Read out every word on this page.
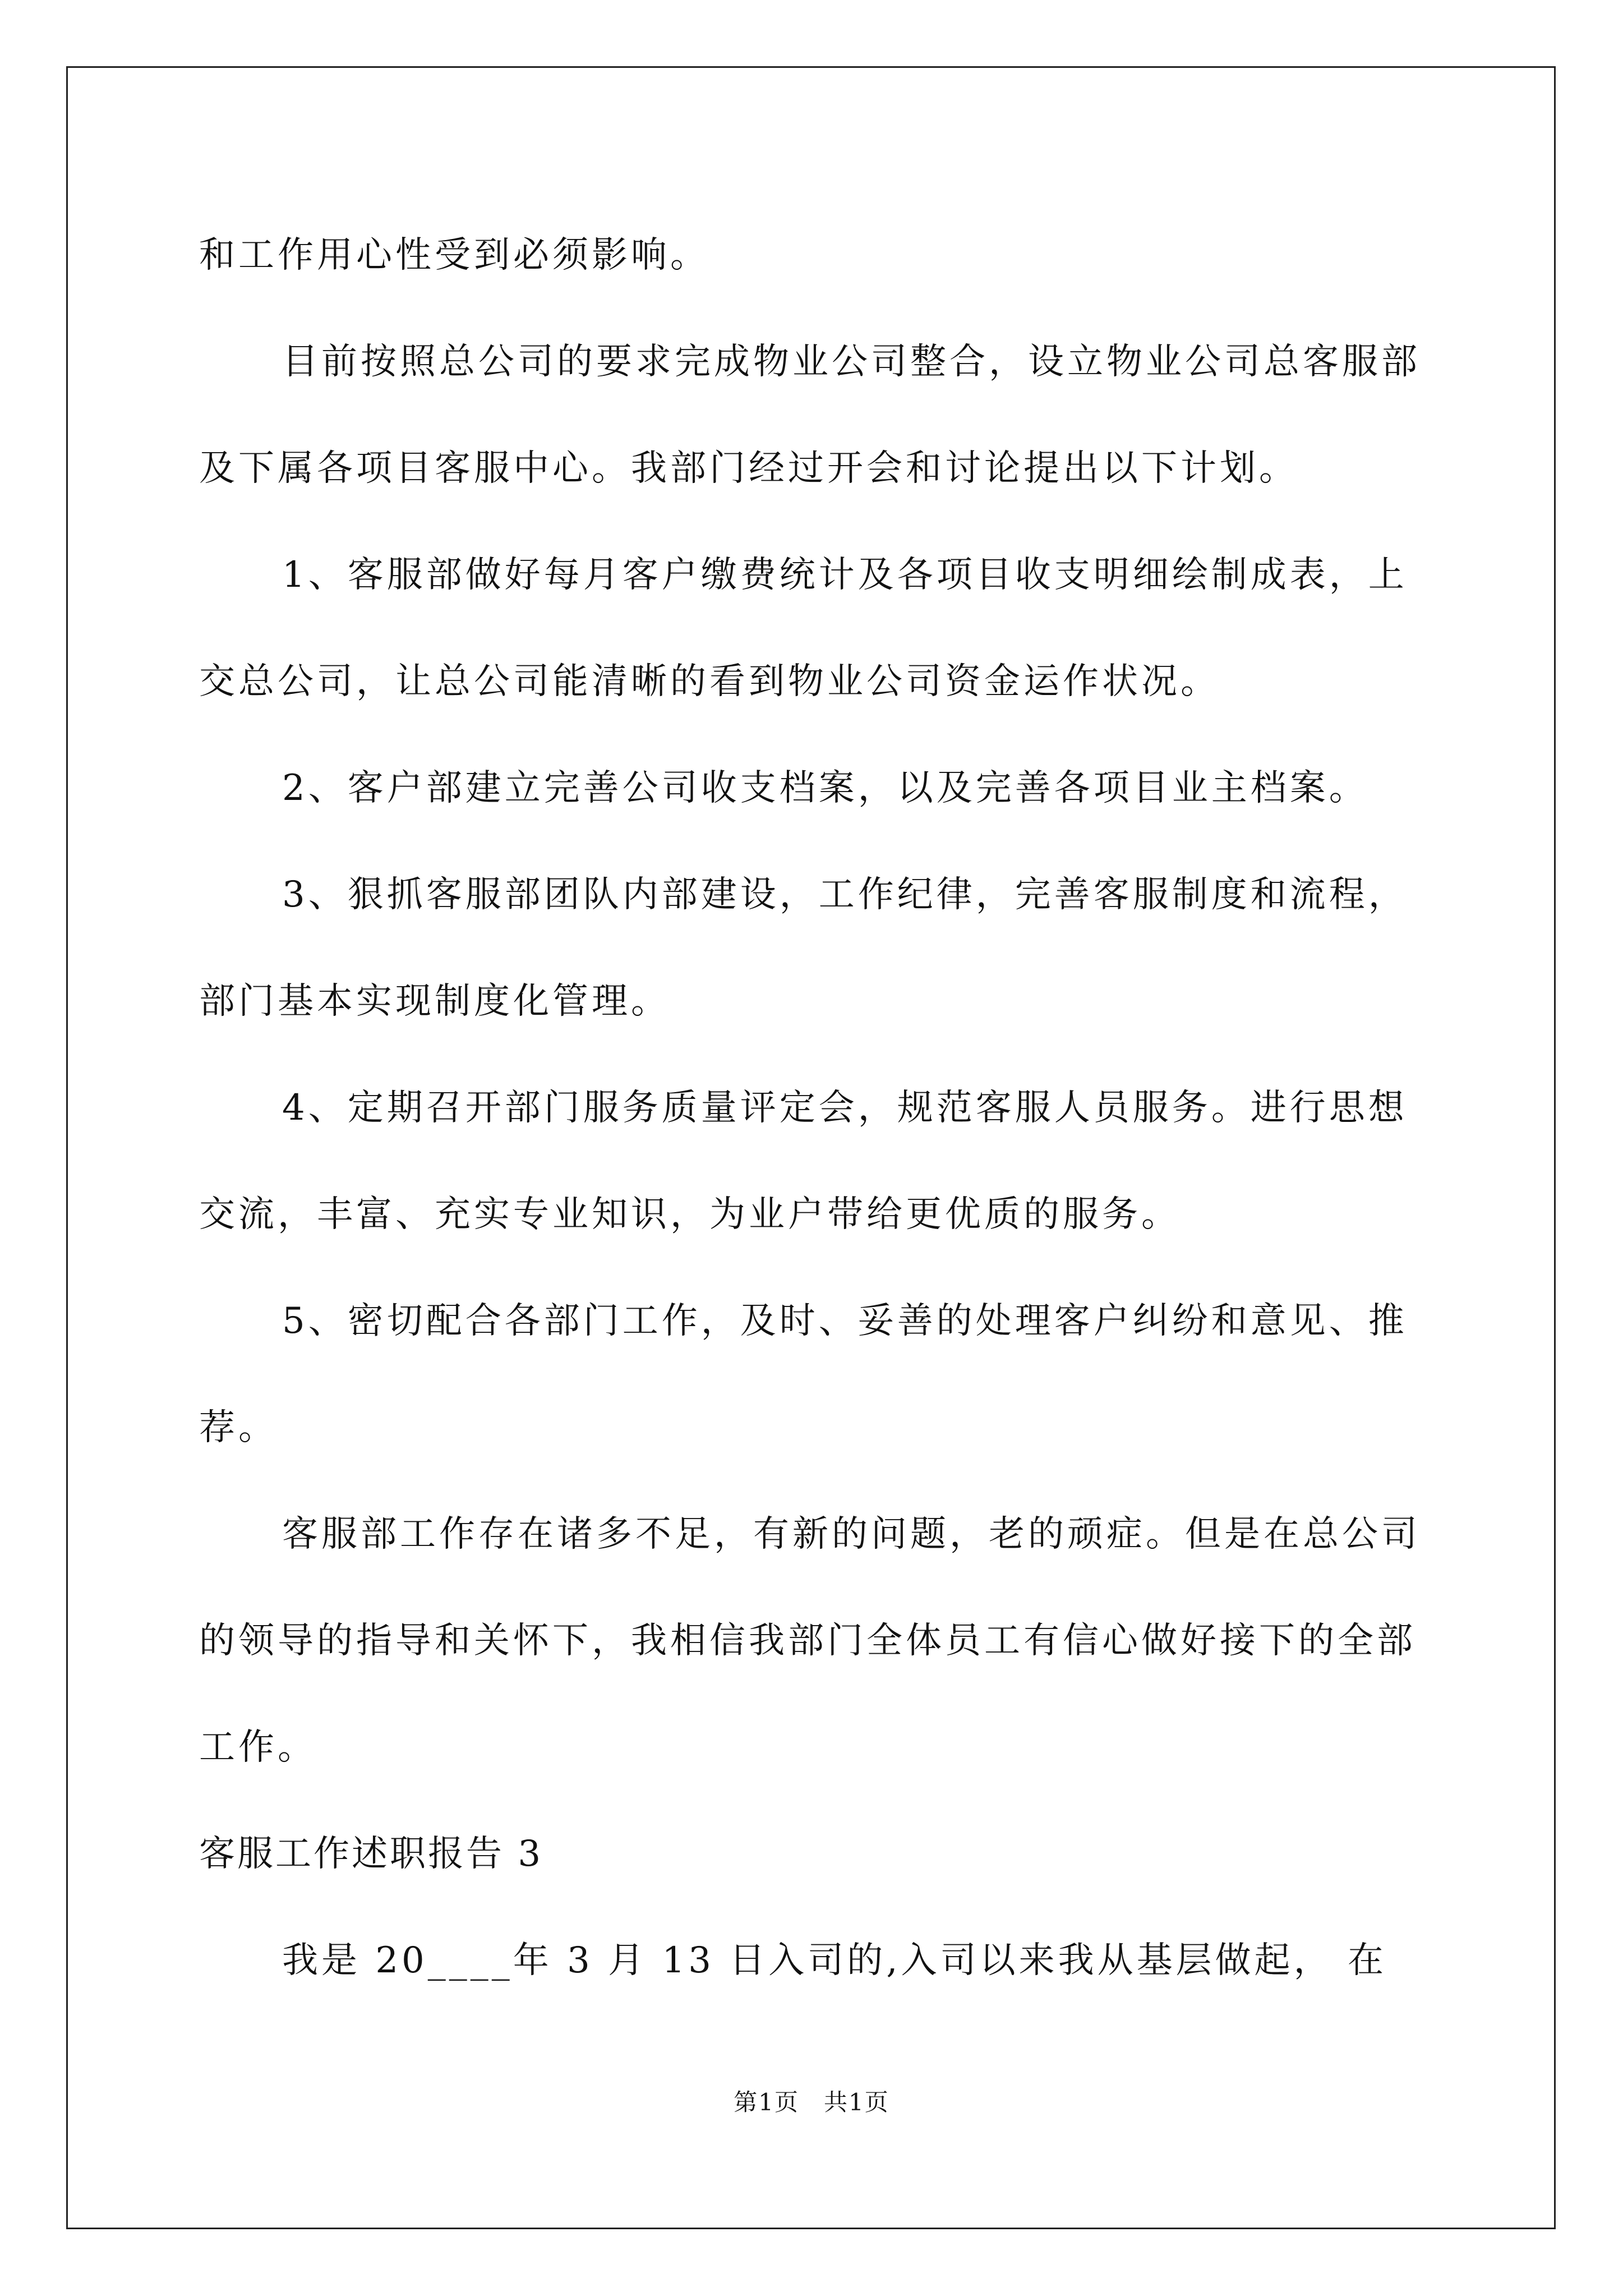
和工作用心性受到必须影响。

目前按照总公司的要求完成物业公司整合，设立物业公司总客服部及下属各项目客服中心。我部门经过开会和讨论提出以下计划。

1、客服部做好每月客户缴费统计及各项目收支明细绘制成表，上交总公司，让总公司能清晰的看到物业公司资金运作状况。

2、客户部建立完善公司收支档案，以及完善各项目业主档案。

3、狠抓客服部团队内部建设，工作纪律，完善客服制度和流程，部门基本实现制度化管理。

4、定期召开部门服务质量评定会，规范客服人员服务。进行思想交流，丰富、充实专业知识，为业户带给更优质的服务。

5、密切配合各部门工作，及时、妥善的处理客户纠纷和意见、推荐。

客服部工作存在诸多不足，有新的问题，老的顽症。但是在总公司的领导的指导和关怀下，我相信我部门全体员工有信心做好接下的全部工作。

客服工作述职报告 3

我是 20____年 3 月 13 日入司的,入司以来我从基层做起， 在

第1页　共1页
